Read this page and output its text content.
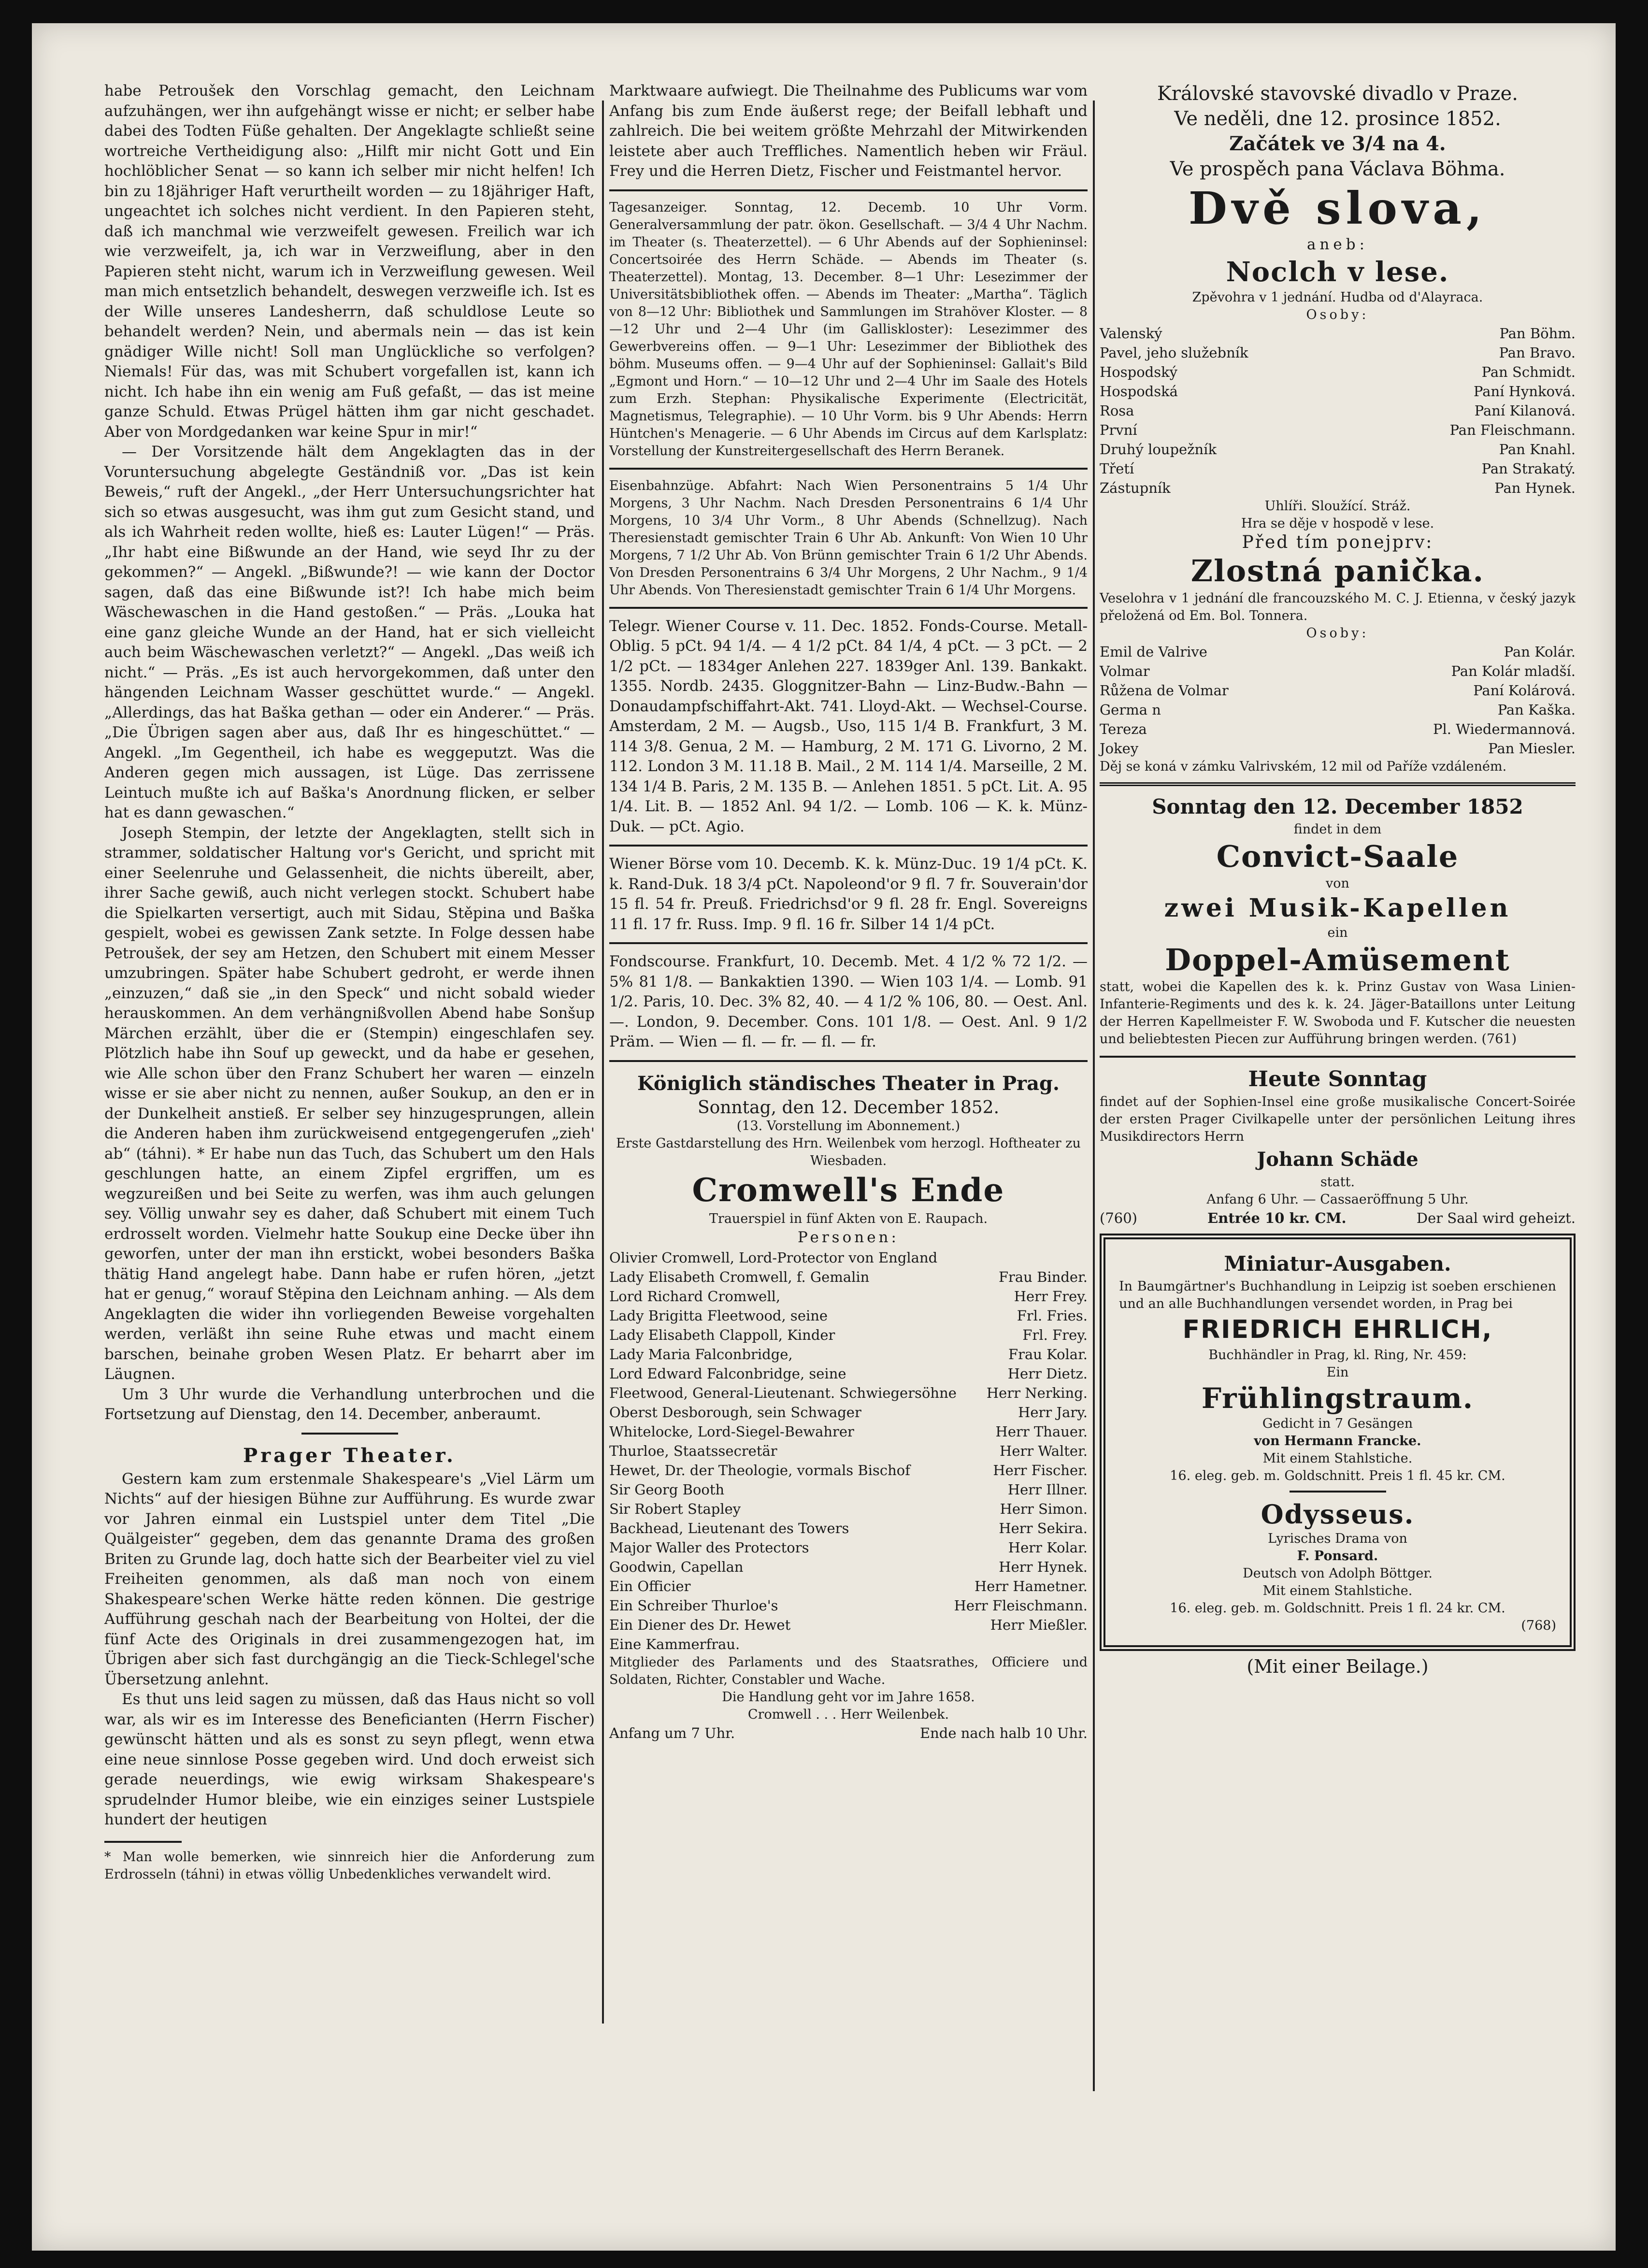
habe Petroušek den Vorschlag gemacht, den Leichnam aufzuhängen, wer ihn aufgehängt wisse er nicht; er selber habe dabei des Todten Füße gehalten. Der Angeklagte schließt seine wortreiche Vertheidigung also: „Hilft mir nicht Gott und Ein hochlöblicher Senat — so kann ich selber mir nicht helfen! Ich bin zu 18jähriger Haft verurtheilt worden — zu 18jähriger Haft, ungeachtet ich solches nicht verdient. In den Papieren steht, daß ich manchmal wie verzweifelt gewesen. Freilich war ich wie verzweifelt, ja, ich war in Verzweiflung, aber in den Papieren steht nicht, warum ich in Verzweiflung gewesen. Weil man mich entsetzlich behandelt, deswegen verzweifle ich. Ist es der Wille unseres Landesherrn, daß schuldlose Leute so behandelt werden? Nein, und abermals nein — das ist kein gnädiger Wille nicht! Soll man Unglückliche so verfolgen? Niemals! Für das, was mit Schubert vorgefallen ist, kann ich nicht. Ich habe ihn ein wenig am Fuß gefaßt, — das ist meine ganze Schuld. Etwas Prügel hätten ihm gar nicht geschadet. Aber von Mordgedanken war keine Spur in mir!“

— Der Vorsitzende hält dem Angeklagten das in der Voruntersuchung abgelegte Geständniß vor. „Das ist kein Beweis,“ ruft der Angekl., „der Herr Untersuchungsrichter hat sich so etwas ausgesucht, was ihm gut zum Gesicht stand, und als ich Wahrheit reden wollte, hieß es: Lauter Lügen!“ — Präs. „Ihr habt eine Bißwunde an der Hand, wie seyd Ihr zu der gekommen?“ — Angekl. „Bißwunde?! — wie kann der Doctor sagen, daß das eine Bißwunde ist?! Ich habe mich beim Wäschewaschen in die Hand gestoßen.“ — Präs. „Louka hat eine ganz gleiche Wunde an der Hand, hat er sich vielleicht auch beim Wäschewaschen verletzt?“ — Angekl. „Das weiß ich nicht.“ — Präs. „Es ist auch hervorgekommen, daß unter den hängenden Leichnam Wasser geschüttet wurde.“ — Angekl. „Allerdings, das hat Baška gethan — oder ein Anderer.“ — Präs. „Die Übrigen sagen aber aus, daß Ihr es hingeschüttet.“ — Angekl. „Im Gegentheil, ich habe es weggeputzt. Was die Anderen gegen mich aussagen, ist Lüge. Das zerrissene Leintuch mußte ich auf Baška's Anordnung flicken, er selber hat es dann gewaschen.“

Joseph Stempin, der letzte der Angeklagten, stellt sich in strammer, soldatischer Haltung vor's Gericht, und spricht mit einer Seelenruhe und Gelassenheit, die nichts übereilt, aber, ihrer Sache gewiß, auch nicht verlegen stockt. Schubert habe die Spielkarten versertigt, auch mit Sidau, Stěpina und Baška gespielt, wobei es gewissen Zank setzte. In Folge dessen habe Petroušek, der sey am Hetzen, den Schubert mit einem Messer umzubringen. Später habe Schubert gedroht, er werde ihnen „einzuzen,“ daß sie „in den Speck“ und nicht sobald wieder herauskommen. An dem verhängnißvollen Abend habe Sonšup Märchen erzählt, über die er (Stempin) eingeschlafen sey. Plötzlich habe ihn Souf up geweckt, und da habe er gesehen, wie Alle schon über den Franz Schubert her waren — einzeln wisse er sie aber nicht zu nennen, außer Soukup, an den er in der Dunkelheit anstieß. Er selber sey hinzugesprungen, allein die Anderen haben ihm zurückweisend entgegengerufen „zieh' ab“ (táhni). * Er habe nun das Tuch, das Schubert um den Hals geschlungen hatte, an einem Zipfel ergriffen, um es wegzureißen und bei Seite zu werfen, was ihm auch gelungen sey. Völlig unwahr sey es daher, daß Schubert mit einem Tuch erdrosselt worden. Vielmehr hatte Soukup eine Decke über ihn geworfen, unter der man ihn erstickt, wobei besonders Baška thätig Hand angelegt habe. Dann habe er rufen hören, „jetzt hat er genug,“ worauf Stěpina den Leichnam anhing. — Als dem Angeklagten die wider ihn vorliegenden Beweise vorgehalten werden, verläßt ihn seine Ruhe etwas und macht einem barschen, beinahe groben Wesen Platz. Er beharrt aber im Läugnen.

Um 3 Uhr wurde die Verhandlung unterbrochen und die Fortsetzung auf Dienstag, den 14. December, anberaumt.

Prager Theater.

Gestern kam zum erstenmale Shakespeare's „Viel Lärm um Nichts“ auf der hiesigen Bühne zur Aufführung. Es wurde zwar vor Jahren einmal ein Lustspiel unter dem Titel „Die Quälgeister“ gegeben, dem das genannte Drama des großen Briten zu Grunde lag, doch hatte sich der Bearbeiter viel zu viel Freiheiten genommen, als daß man noch von einem Shakespeare'schen Werke hätte reden können. Die gestrige Aufführung geschah nach der Bearbeitung von Holtei, der die fünf Acte des Originals in drei zusammengezogen hat, im Übrigen aber sich fast durchgängig an die Tieck-Schlegel'sche Übersetzung anlehnt.

Es thut uns leid sagen zu müssen, daß das Haus nicht so voll war, als wir es im Interesse des Beneficianten (Herrn Fischer) gewünscht hätten und als es sonst zu seyn pflegt, wenn etwa eine neue sinnlose Posse gegeben wird. Und doch erweist sich gerade neuerdings, wie ewig wirksam Shakespeare's sprudelnder Humor bleibe, wie ein einziges seiner Lustspiele hundert der heutigen

* Man wolle bemerken, wie sinnreich hier die Anforderung zum Erdrosseln (táhni) in etwas völlig Unbedenkliches verwandelt wird.

Marktwaare aufwiegt. Die Theilnahme des Publicums war vom Anfang bis zum Ende äußerst rege; der Beifall lebhaft und zahlreich. Die bei weitem größte Mehrzahl der Mitwirkenden leistete aber auch Treffliches. Namentlich heben wir Fräul. Frey und die Herren Dietz, Fischer und Feistmantel hervor.

Tagesanzeiger. Sonntag, 12. Decemb. 10 Uhr Vorm. Generalversammlung der patr. ökon. Gesellschaft. — 3/4 4 Uhr Nachm. im Theater (s. Theaterzettel). — 6 Uhr Abends auf der Sophieninsel: Concertsoirée des Herrn Schäde. — Abends im Theater (s. Theaterzettel). Montag, 13. December. 8—1 Uhr: Lesezimmer der Universitätsbibliothek offen. — Abends im Theater: „Martha“. Täglich von 8—12 Uhr: Bibliothek und Sammlungen im Strahöver Kloster. — 8—12 Uhr und 2—4 Uhr (im Galliskloster): Lesezimmer des Gewerbvereins offen. — 9—1 Uhr: Lesezimmer der Bibliothek des böhm. Museums offen. — 9—4 Uhr auf der Sophieninsel: Gallait's Bild „Egmont und Horn.“ — 10—12 Uhr und 2—4 Uhr im Saale des Hotels zum Erzh. Stephan: Physikalische Experimente (Electricität, Magnetismus, Telegraphie). — 10 Uhr Vorm. bis 9 Uhr Abends: Herrn Hüntchen's Menagerie. — 6 Uhr Abends im Circus auf dem Karlsplatz: Vorstellung der Kunstreitergesellschaft des Herrn Beranek.

Eisenbahnzüge. Abfahrt: Nach Wien Personentrains 5 1/4 Uhr Morgens, 3 Uhr Nachm. Nach Dresden Personentrains 6 1/4 Uhr Morgens, 10 3/4 Uhr Vorm., 8 Uhr Abends (Schnellzug). Nach Theresienstadt gemischter Train 6 Uhr Ab. Ankunft: Von Wien 10 Uhr Morgens, 7 1/2 Uhr Ab. Von Brünn gemischter Train 6 1/2 Uhr Abends. Von Dresden Personentrains 6 3/4 Uhr Morgens, 2 Uhr Nachm., 9 1/4 Uhr Abends. Von Theresienstadt gemischter Train 6 1/4 Uhr Morgens.

Telegr. Wiener Course v. 11. Dec. 1852. Fonds-Course. Metall-Oblig. 5 pCt. 94 1/4. — 4 1/2 pCt. 84 1/4, 4 pCt. — 3 pCt. — 2 1/2 pCt. — 1834ger Anlehen 227. 1839ger Anl. 139. Bankakt. 1355. Nordb. 2435. Gloggnitzer-Bahn — Linz-Budw.-Bahn — Donaudampfschiffahrt-Akt. 741. Lloyd-Akt. — Wechsel-Course. Amsterdam, 2 M. — Augsb., Uso, 115 1/4 B. Frankfurt, 3 M. 114 3/8. Genua, 2 M. — Hamburg, 2 M. 171 G. Livorno, 2 M. 112. London 3 M. 11.18 B. Mail., 2 M. 114 1/4. Marseille, 2 M. 134 1/4 B. Paris, 2 M. 135 B. — Anlehen 1851. 5 pCt. Lit. A. 95 1/4. Lit. B. — 1852 Anl. 94 1/2. — Lomb. 106 — K. k. Münz-Duk. — pCt. Agio.

Wiener Börse vom 10. Decemb. K. k. Münz-Duc. 19 1/4 pCt. K. k. Rand-Duk. 18 3/4 pCt. Napoleond'or 9 fl. 7 fr. Souverain'dor 15 fl. 54 fr. Preuß. Friedrichsd'or 9 fl. 28 fr. Engl. Sovereigns 11 fl. 17 fr. Russ. Imp. 9 fl. 16 fr. Silber 14 1/4 pCt.

Fondscourse. Frankfurt, 10. Decemb. Met. 4 1/2 % 72 1/2. — 5% 81 1/8. — Bankaktien 1390. — Wien 103 1/4. — Lomb. 91 1/2. Paris, 10. Dec. 3% 82, 40. — 4 1/2 % 106, 80. — Oest. Anl. —. London, 9. December. Cons. 101 1/8. — Oest. Anl. 9 1/2 Präm. — Wien — fl. — fr. — fl. — fr.

Königlich ständisches Theater in Prag.

Sonntag, den 12. December 1852.

(13. Vorstellung im Abonnement.)

Erste Gastdarstellung des Hrn. Weilenbek vom herzogl. Hoftheater zu Wiesbaden.

Cromwell's Ende

Trauerspiel in fünf Akten von E. Raupach.

Personen:

Olivier Cromwell, Lord-Protector von England
Lady Elisabeth Cromwell, f. Gemalin	Frau Binder.
Lord Richard Cromwell,	Herr Frey.
Lady Brigitta Fleetwood, seine	Frl. Fries.
Lady Elisabeth Clappoll, Kinder	Frl. Frey.
Lady Maria Falconbridge,	Frau Kolar.
Lord Edward Falconbridge, seine	Herr Dietz.
Fleetwood, General-Lieutenant. Schwiegersöhne Herr Nerking.
Oberst Desborough, sein Schwager	Herr Jary.
Whitelocke, Lord-Siegel-Bewahrer	Herr Thauer.
Thurloe, Staatssecretär	Herr Walter.
Hewet, Dr. der Theologie, vormals Bischof	Herr Fischer.
Sir Georg Booth	Herr Illner.
Sir Robert Stapley	Herr Simon.
Backhead, Lieutenant des Towers	Herr Sekira.
Major Waller des Protectors	Herr Kolar.
Goodwin, Capellan	Herr Hynek.
Ein Officier	Herr Hametner.
Ein Schreiber Thurloe's	Herr Fleischmann.
Ein Diener des Dr. Hewet	Herr Mießler.
Eine Kammerfrau.

Mitglieder des Parlaments und des Staatsrathes, Officiere und Soldaten, Richter, Constabler und Wache.

Die Handlung geht vor im Jahre 1658.

Cromwell . . . Herr Weilenbek.

Anfang um 7 Uhr.	Ende nach halb 10 Uhr.

Královské stavovské divadlo v Praze.

Ve neděli, dne 12. prosince 1852.

Začátek ve 3/4 na 4.

Ve prospěch pana Václava Böhma.

Dvě slova,

aneb:

Noclch v lese.

Zpěvohra v 1 jednání. Hudba od d'Alayraca.

Osoby:

Valenský	Pan Böhm.
Pavel, jeho služebník	Pan Bravo.
Hospodský	Pan Schmidt.
Hospodská	Paní Hynková.
Rosa	Paní Kilanová.
První	Pan Fleischmann.
Druhý loupežník	Pan Knahl.
Třetí	Pan Strakatý.
Zástupník	Pan Hynek.

Uhlíři. Sloužící. Stráž.

Hra se děje v hospodě v lese.

Před tím ponejprv:

Zlostná panička.

Veselohra v 1 jednání dle francouzského M. C. J. Etienna, v český jazyk přeložená od Em. Bol. Tonnera.

Osoby:

Emil de Valrive	Pan Kolár.
Volmar	Pan Kolár mladší.
Růžena de Volmar	Paní Kolárová.
Germa n	Pan Kaška.
Tereza	Pl. Wiedermannová.
Jokey	Pan Miesler.

Děj se koná v zámku Valrivském, 12 mil od Paříže vzdáleném.

Sonntag den 12. December 1852

findet in dem

Convict-Saale

von

zwei Musik-Kapellen

ein

Doppel-Amüsement

statt, wobei die Kapellen des k. k. Prinz Gustav von Wasa Linien-Infanterie-Regiments und des k. k. 24. Jäger-Bataillons unter Leitung der Herren Kapellmeister F. W. Swoboda und F. Kutscher die neuesten und beliebtesten Piecen zur Aufführung bringen werden. (761)

Heute Sonntag

findet auf der Sophien-Insel eine große musikalische Concert-Soirée der ersten Prager Civilkapelle unter der persönlichen Leitung ihres Musikdirectors Herrn

Johann Schäde

statt.

Anfang 6 Uhr. — Cassaeröffnung 5 Uhr.

(760)	Entrée 10 kr. CM.	Der Saal wird geheizt.

Miniatur-Ausgaben.

In Baumgärtner's Buchhandlung in Leipzig ist soeben erschienen und an alle Buchhandlungen versendet worden, in Prag bei

FRIEDRICH EHRLICH,

Buchhändler in Prag, kl. Ring, Nr. 459:

Ein

Frühlingstraum.

Gedicht in 7 Gesängen

von Hermann Francke.

Mit einem Stahlstiche.

16. eleg. geb. m. Goldschnitt. Preis 1 fl. 45 kr. CM.

Odysseus.

Lyrisches Drama von

F. Ponsard.

Deutsch von Adolph Böttger.

Mit einem Stahlstiche.

16. eleg. geb. m. Goldschnitt. Preis 1 fl. 24 kr. CM.

(768)

(Mit einer Beilage.)
